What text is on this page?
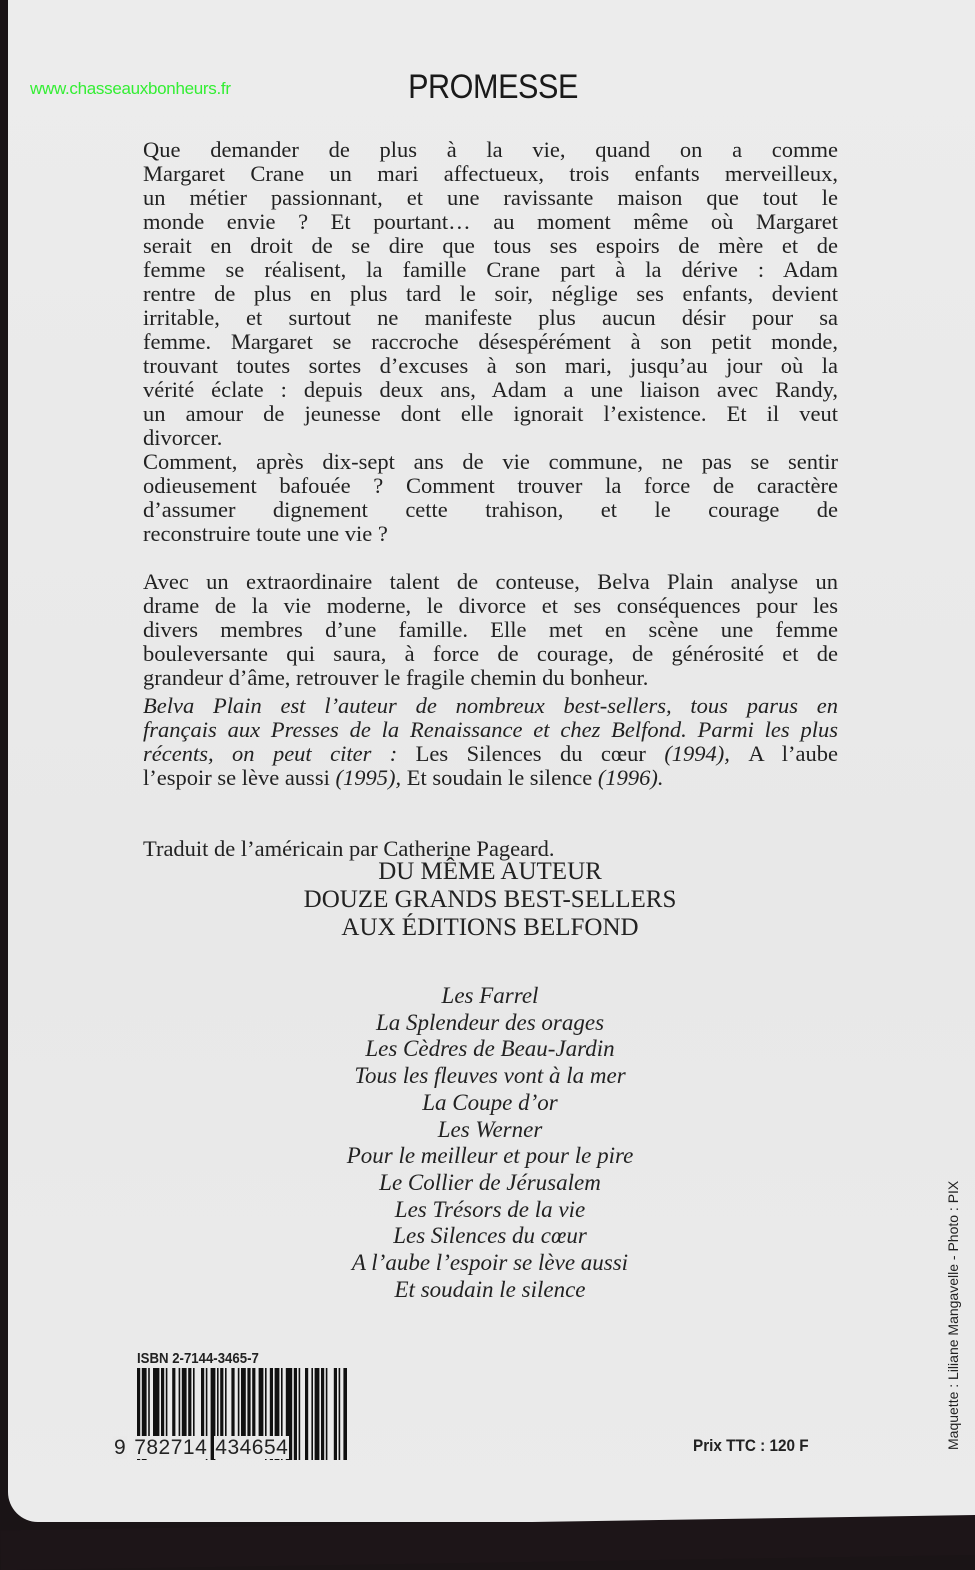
www.chasseauxbonheurs.fr	PROMESSE
Que demander de plus à la vie, quand on a comme
Margaret Crane un mari affectueux, trois enfants merveilleux,
un métier passionnant, et une ravissante maison que tout le
monde envie ? Et pourtant… au moment même où Margaret
serait en droit de se dire que tous ses espoirs de mère et de
femme se réalisent, la famille Crane part à la dérive : Adam
rentre de plus en plus tard le soir, néglige ses enfants, devient
irritable, et surtout ne manifeste plus aucun désir pour sa
femme. Margaret se raccroche désespérément à son petit monde,
trouvant toutes sortes d’excuses à son mari, jusqu’au jour où la
vérité éclate : depuis deux ans, Adam a une liaison avec Randy,
un amour de jeunesse dont elle ignorait l’existence. Et il veut
divorcer.
Comment, après dix-sept ans de vie commune, ne pas se sentir
odieusement bafouée ? Comment trouver la force de caractère
d’assumer dignement cette trahison, et le courage de
reconstruire toute une vie ?
Avec un extraordinaire talent de conteuse, Belva Plain analyse un
drame de la vie moderne, le divorce et ses conséquences pour les
divers membres d’une famille. Elle met en scène une femme
bouleversante qui saura, à force de courage, de générosité et de
grandeur d’âme, retrouver le fragile chemin du bonheur.
Belva Plain est l’auteur de nombreux best-sellers, tous parus en
français aux Presses de la Renaissance et chez Belfond. Parmi les plus
récents, on peut citer : Les Silences du cœur (1994), A l’aube
l’espoir se lève aussi (1995), Et soudain le silence (1996).
Traduit de l’américain par Catherine Pageard.
DU MÊME AUTEUR
DOUZE GRANDS BEST-SELLERS
AUX ÉDITIONS BELFOND
Les Farrel
La Splendeur des orages
Les Cèdres de Beau-Jardin
Tous les fleuves vont à la mer
La Coupe d’or
Les Werner
Pour le meilleur et pour le pire
Le Collier de Jérusalem
Les Trésors de la vie
Les Silences du cœur
A l’aube l’espoir se lève aussi
Et soudain le silence
ISBN 2-7144-3465-7
9 782714 434654	Prix TTC : 120 F	Maquette : Liliane Mangavelle - Photo : PIX
